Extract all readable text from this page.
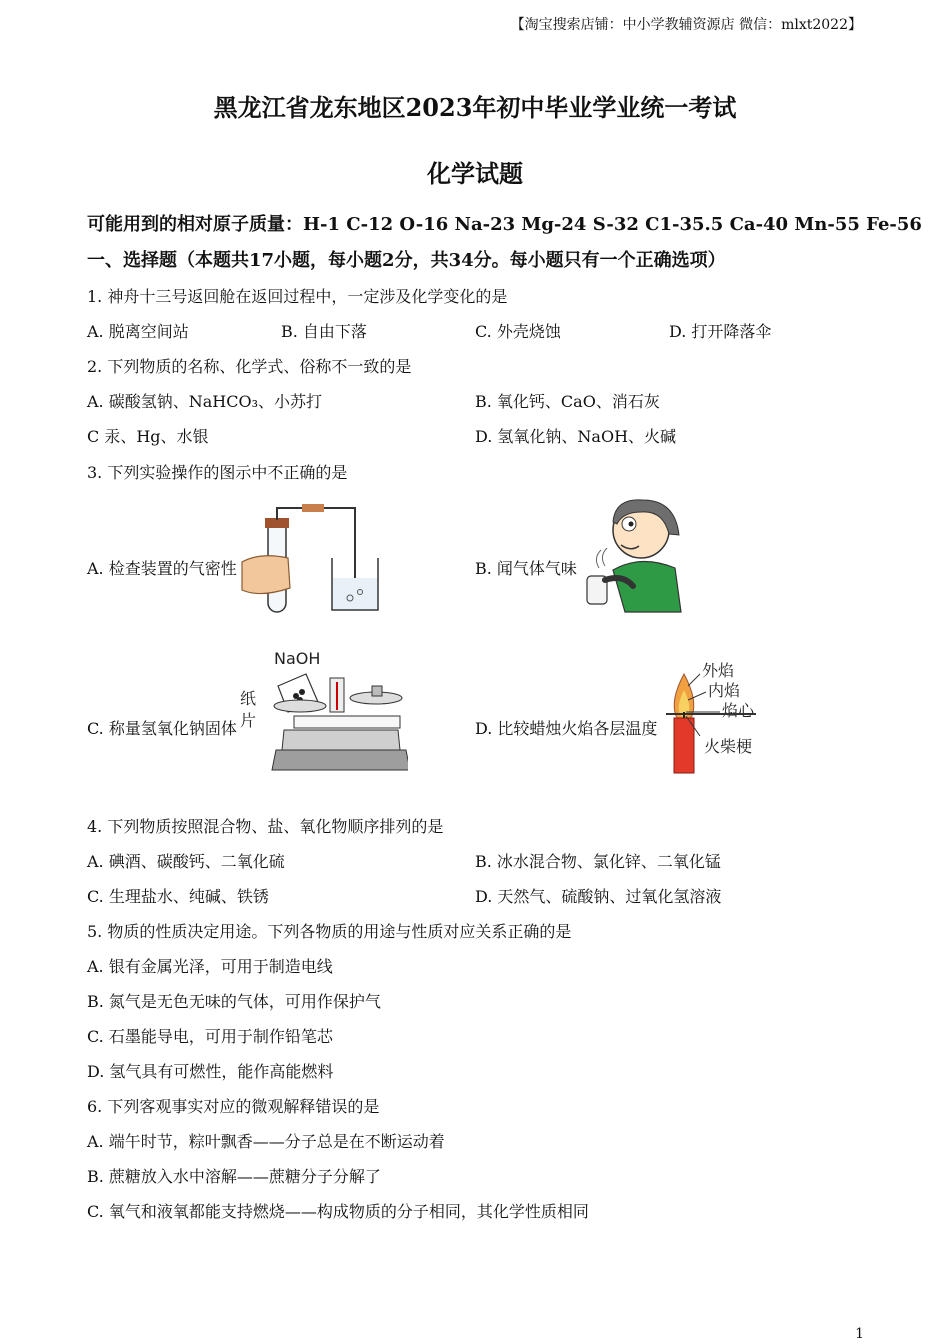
【淘宝搜索店铺：中小学教辅资源店 微信：mlxt2022】
黑龙江省龙东地区2023年初中毕业学业统一考试
化学试题
可能用到的相对原子质量：H-1 C-12 O-16 Na-23 Mg-24 S-32 C1-35.5 Ca-40 Mn-55 Fe-56
一、选择题（本题共17小题，每小题2分，共34分。每小题只有一个正确选项）
1. 神舟十三号返回舱在返回过程中，一定涉及化学变化的是
A. 脱离空间站	B. 自由下落	C. 外壳烧蚀	D. 打开降落伞
2. 下列物质的名称、化学式、俗称不一致的是
A. 碳酸氢钠、NaHCO₃、小苏打	B. 氧化钙、CaO、消石灰
C 汞、Hg、水银	D. 氢氧化钠、NaOH、火碱
3. 下列实验操作的图示中不正确的是
A. 检查装置的气密性	B. 闻气体气味
C. 称量氢氧化钠固体	D. 比较蜡烛火焰各层温度
NaOH
纸
片
外焰
内焰
焰心
火柴梗
4. 下列物质按照混合物、盐、氧化物顺序排列的是
A. 碘酒、碳酸钙、二氧化硫	B. 冰水混合物、氯化锌、二氧化锰
C. 生理盐水、纯碱、铁锈	D. 天然气、硫酸钠、过氧化氢溶液
5. 物质的性质决定用途。下列各物质的用途与性质对应关系正确的是
A. 银有金属光泽，可用于制造电线
B. 氮气是无色无味的气体，可用作保护气
C. 石墨能导电，可用于制作铅笔芯
D. 氢气具有可燃性，能作高能燃料
6. 下列客观事实对应的微观解释错误的是
A. 端午时节，粽叶飘香——分子总是在不断运动着
B. 蔗糖放入水中溶解——蔗糖分子分解了
C. 氧气和液氧都能支持燃烧——构成物质的分子相同，其化学性质相同
1
